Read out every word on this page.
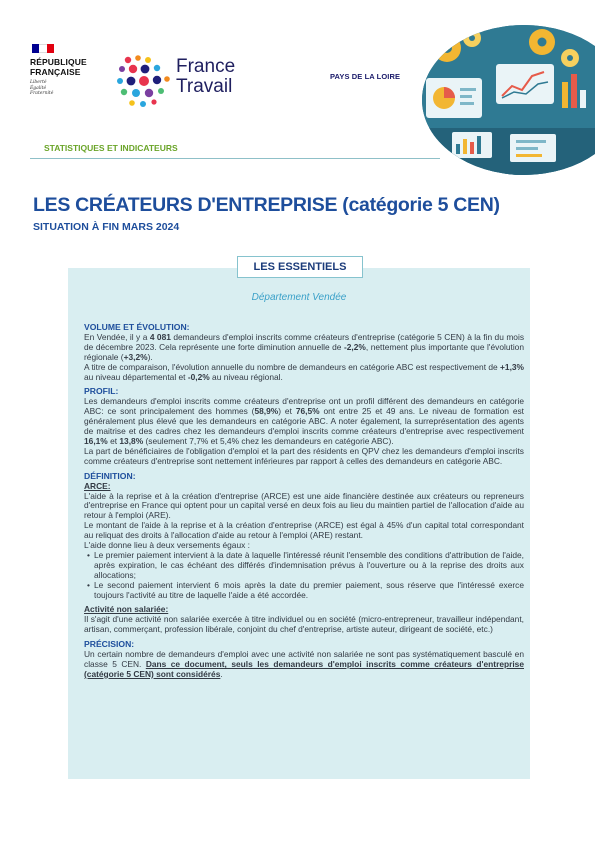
RÉPUBLIQUE
FRANÇAISE
Liberté
Égalité
Fraternité
France
Travail	PAYS DE LA LOIRE
STATISTIQUES ET INDICATEURS
LES CRÉATEURS D'ENTREPRISE (catégorie 5 CEN)
SITUATION À FIN MARS 2024
LES ESSENTIELS
Département Vendée
VOLUME ET ÉVOLUTION:

En Vendée, il y a 4 081 demandeurs d'emploi inscrits comme créateurs d'entreprise (catégorie 5 CEN) à la fin du mois de décembre 2023. Cela représente une forte diminution annuelle de -2,2%, nettement plus importante que l'évolution régionale (+3,2%).

A titre de comparaison, l'évolution annuelle du nombre de demandeurs en catégorie ABC est respectivement de +1,3% au niveau départemental et -0,2% au niveau régional.

PROFIL:

Les demandeurs d'emploi inscrits comme créateurs d'entreprise ont un profil différent des demandeurs en catégorie ABC: ce sont principalement des hommes (58,9%) et 76,5% ont entre 25 et 49 ans. Le niveau de formation est généralement plus élevé que les demandeurs en catégorie ABC. A noter également, la surreprésentation des agents de maitrise et des cadres chez les demandeurs d'emploi inscrits comme créateurs d'entreprise avec respectivement 16,1% et 13,8% (seulement 7,7% et 5,4% chez les demandeurs en catégorie ABC).

La part de bénéficiaires de l'obligation d'emploi et la part des résidents en QPV chez les demandeurs d'emploi inscrits comme créateurs d'entreprise sont nettement inférieures par rapport à celles des demandeurs en catégorie ABC.

DÉFINITION:
ARCE:

L'aide à la reprise et à la création d'entreprise (ARCE) est une aide financière destinée aux créateurs ou repreneurs d'entreprise en France qui optent pour un capital versé en deux fois au lieu du maintien partiel de l'allocation d'aide au retour à l'emploi (ARE).

Le montant de l'aide à la reprise et à la création d'entreprise (ARCE) est égal à 45% d'un capital total correspondant au reliquat des droits à l'allocation d'aide au retour à l'emploi (ARE) restant.

L'aide donne lieu à deux versements égaux :

• Le premier paiement intervient à la date à laquelle l'intéressé réunit l'ensemble des conditions d'attribution de l'aide, après expiration, le cas échéant des différés d'indemnisation prévus à l'ouverture ou à la reprise des droits aux allocations;

• Le second paiement intervient 6 mois après la date du premier paiement, sous réserve que l'intéressé exerce toujours l'activité au titre de laquelle l'aide a été accordée.

Activité non salariée:

Il s'agit d'une activité non salariée exercée à titre individuel ou en société (micro-entrepreneur, travailleur indépendant, artisan, commerçant, profession libérale, conjoint du chef d'entreprise, artiste auteur, dirigeant de société, etc.)

PRÉCISION:

Un certain nombre de demandeurs d'emploi avec une activité non salariée ne sont pas systématiquement basculé en classe 5 CEN. Dans ce document, seuls les demandeurs d'emploi inscrits comme créateurs d'entreprise (catégorie 5 CEN) sont considérés.
